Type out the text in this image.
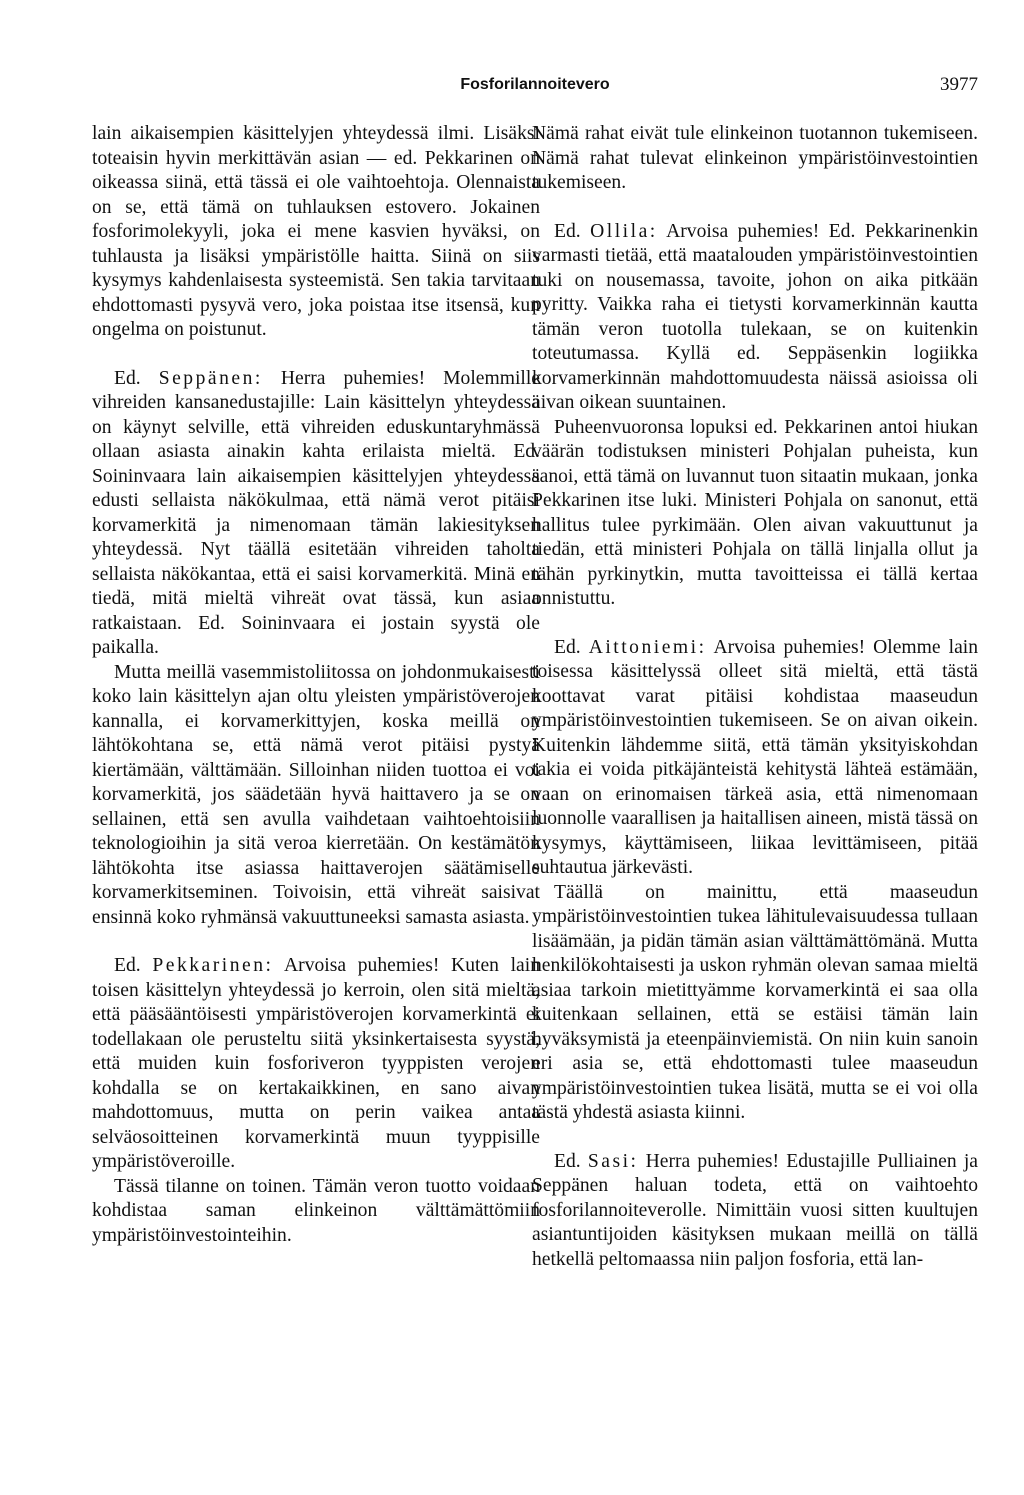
Fosforilannoitevero	3977

lain aikaisempien käsittelyjen yhteydessä ilmi. Lisäksi toteaisin hyvin merkittävän asian — ed. Pekkarinen on oikeassa siinä, että tässä ei ole vaihtoehtoja. Olennaista on se, että tämä on tuhlauksen estovero. Jokainen fosforimolekyyli, joka ei mene kasvien hyväksi, on tuhlausta ja lisäksi ympäristölle haitta. Siinä on siis kysymys kahdenlaisesta systeemistä. Sen takia tarvitaan ehdottomasti pysyvä vero, joka poistaa itse itsensä, kun ongelma on poistunut.

Ed. Seppänen: Herra puhemies! Molemmille vihreiden kansanedustajille: Lain käsittelyn yhteydessä on käynyt selville, että vihreiden eduskuntaryhmässä ollaan asiasta ainakin kahta erilaista mieltä. Ed. Soininvaara lain aikaisempien käsittelyjen yhteydessä edusti sellaista näkökulmaa, että nämä verot pitäisi korvamerkitä ja nimenomaan tämän lakiesityksen yhteydessä. Nyt täällä esitetään vihreiden taholta sellaista näkökantaa, että ei saisi korvamerkitä. Minä en tiedä, mitä mieltä vihreät ovat tässä, kun asiaa ratkaistaan. Ed. Soininvaara ei jostain syystä ole paikalla.

Mutta meillä vasemmistoliitossa on johdonmukaisesti koko lain käsittelyn ajan oltu yleisten ympäristöverojen kannalla, ei korvamerkittyjen, koska meillä on lähtökohtana se, että nämä verot pitäisi pystyä kiertämään, välttämään. Silloinhan niiden tuottoa ei voi korvamerkitä, jos säädetään hyvä haittavero ja se on sellainen, että sen avulla vaihdetaan vaihtoehtoisiin teknologioihin ja sitä veroa kierretään. On kestämätön lähtökohta itse asiassa haittaverojen säätämiselle korvamerkitseminen. Toivoisin, että vihreät saisivat ensinnä koko ryhmänsä vakuuttuneeksi samasta asiasta.

Ed. Pekkarinen: Arvoisa puhemies! Kuten lain toisen käsittelyn yhteydessä jo kerroin, olen sitä mieltä, että pääsääntöisesti ympäristöverojen korvamerkintä ei todellakaan ole perusteltu siitä yksinkertaisesta syystä, että muiden kuin fosforiveron tyyppisten verojen kohdalla se on kertakaikkinen, en sano aivan mahdottomuus, mutta on perin vaikea antaa selväosoitteinen korvamerkintä muun tyyppisille ympäristöveroille.

Tässä tilanne on toinen. Tämän veron tuotto voidaan kohdistaa saman elinkeinon välttämättömiin ympäristöinvestointeihin.

Nämä rahat eivät tule elinkeinon tuotannon tukemiseen. Nämä rahat tulevat elinkeinon ympäristöinvestointien tukemiseen.

Ed. Ollila: Arvoisa puhemies! Ed. Pekkarinenkin varmasti tietää, että maatalouden ympäristöinvestointien tuki on nousemassa, tavoite, johon on aika pitkään pyritty. Vaikka raha ei tietysti korvamerkinnän kautta tämän veron tuotolla tulekaan, se on kuitenkin toteutumassa. Kyllä ed. Seppäsenkin logiikka korvamerkinnän mahdottomuudesta näissä asioissa oli aivan oikean suuntainen.

Puheenvuoronsa lopuksi ed. Pekkarinen antoi hiukan väärän todistuksen ministeri Pohjalan puheista, kun sanoi, että tämä on luvannut tuon sitaatin mukaan, jonka Pekkarinen itse luki. Ministeri Pohjala on sanonut, että hallitus tulee pyrkimään. Olen aivan vakuuttunut ja tiedän, että ministeri Pohjala on tällä linjalla ollut ja tähän pyrkinytkin, mutta tavoitteissa ei tällä kertaa onnistuttu.

Ed. Aittoniemi: Arvoisa puhemies! Olemme lain toisessa käsittelyssä olleet sitä mieltä, että tästä koottavat varat pitäisi kohdistaa maaseudun ympäristöinvestointien tukemiseen. Se on aivan oikein. Kuitenkin lähdemme siitä, että tämän yksityiskohdan takia ei voida pitkäjänteistä kehitystä lähteä estämään, vaan on erinomaisen tärkeä asia, että nimenomaan luonnolle vaarallisen ja haitallisen aineen, mistä tässä on kysymys, käyttämiseen, liikaa levittämiseen, pitää suhtautua järkevästi.

Täällä on mainittu, että maaseudun ympäristöinvestointien tukea lähitulevaisuudessa tullaan lisäämään, ja pidän tämän asian välttämättömänä. Mutta henkilökohtaisesti ja uskon ryhmän olevan samaa mieltä asiaa tarkoin mietittyämme korvamerkintä ei saa olla kuitenkaan sellainen, että se estäisi tämän lain hyväksymistä ja eteenpäinviemistä. On niin kuin sanoin eri asia se, että ehdottomasti tulee maaseudun ympäristöinvestointien tukea lisätä, mutta se ei voi olla tästä yhdestä asiasta kiinni.

Ed. Sasi: Herra puhemies! Edustajille Pulliainen ja Seppänen haluan todeta, että on vaihtoehto fosforilannoiteverolle. Nimittäin vuosi sitten kuultujen asiantuntijoiden käsityksen mukaan meillä on tällä hetkellä peltomaassa niin paljon fosforia, että lan-
